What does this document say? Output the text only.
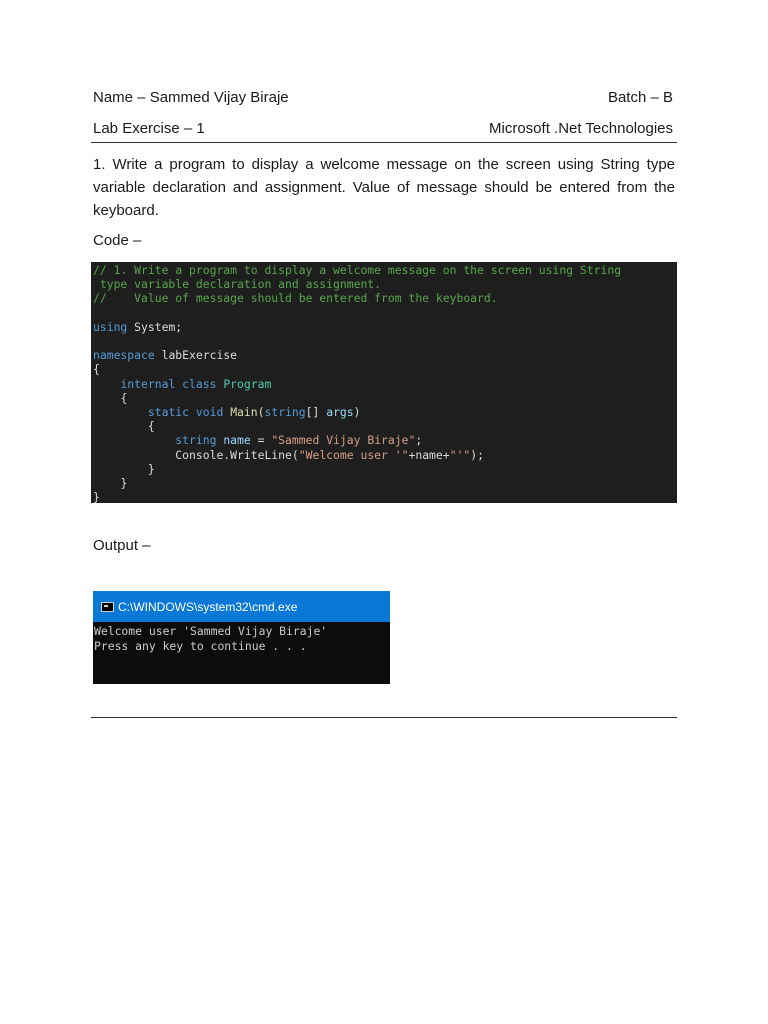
Name – Sammed Vijay Biraje	Batch – B
Lab Exercise – 1	Microsoft .Net Technologies

1. Write a program to display a welcome message on the screen using String type variable declaration and assignment. Value of message should be entered from the keyboard.

Code –
// 1. Write a program to display a welcome message on the screen using String
type variable declaration and assignment.
//    Value of message should be entered from the keyboard.

using System;

namespace labExercise
{
internal class Program
{
static void Main(string[] args)
{
string name = "Sammed Vijay Biraje";
Console.WriteLine("Welcome user '"+name+"'");
}
}
}
Output –
C:\WINDOWS\system32\cmd.exe
Welcome user 'Sammed Vijay Biraje'
Press any key to continue . . .
